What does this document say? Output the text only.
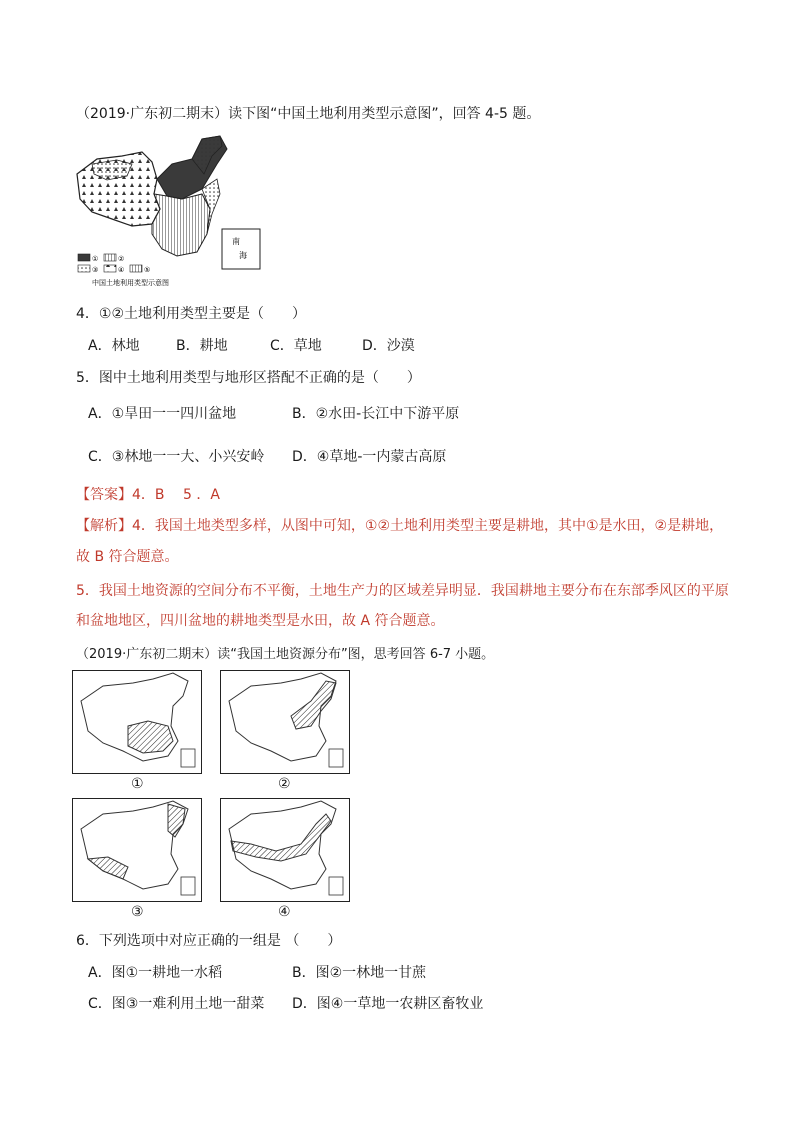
（2019·广东初二期末）读下图“中国土地利用类型示意图”，回答 4-5 题。
①	②
③	④	⑤
南
海
中国土地利用类型示意图
4．①②土地利用类型主要是（　　）
A．林地	B．耕地	C．草地	D．沙漠
5．图中土地利用类型与地形区搭配不正确的是（　　）
A．①旱田一一四川盆地	B．②水田-长江中下游平原
C．③林地一一大、小兴安岭 D．④草地-一内蒙古高原
【答案】4．B　 5 ．A
【解析】4．我国土地类型多样，从图中可知，①②土地利用类型主要是耕地，其中①是水田，②是耕地，
故 B 符合题意。
5．我国土地资源的空间分布不平衡，土地生产力的区域差异明显．我国耕地主要分布在东部季风区的平原
和盆地地区，四川盆地的耕地类型是水田，故 A 符合题意。
（2019·广东初二期末）读“我国土地资源分布”图，思考回答 6-7 小题。
①	②
③	④
6．下列选项中对应正确的一组是 （　　）
A．图①一耕地一水稻	B．图②一林地一甘蔗
C．图③一难利用土地一甜菜 D．图④一草地一农耕区畜牧业
